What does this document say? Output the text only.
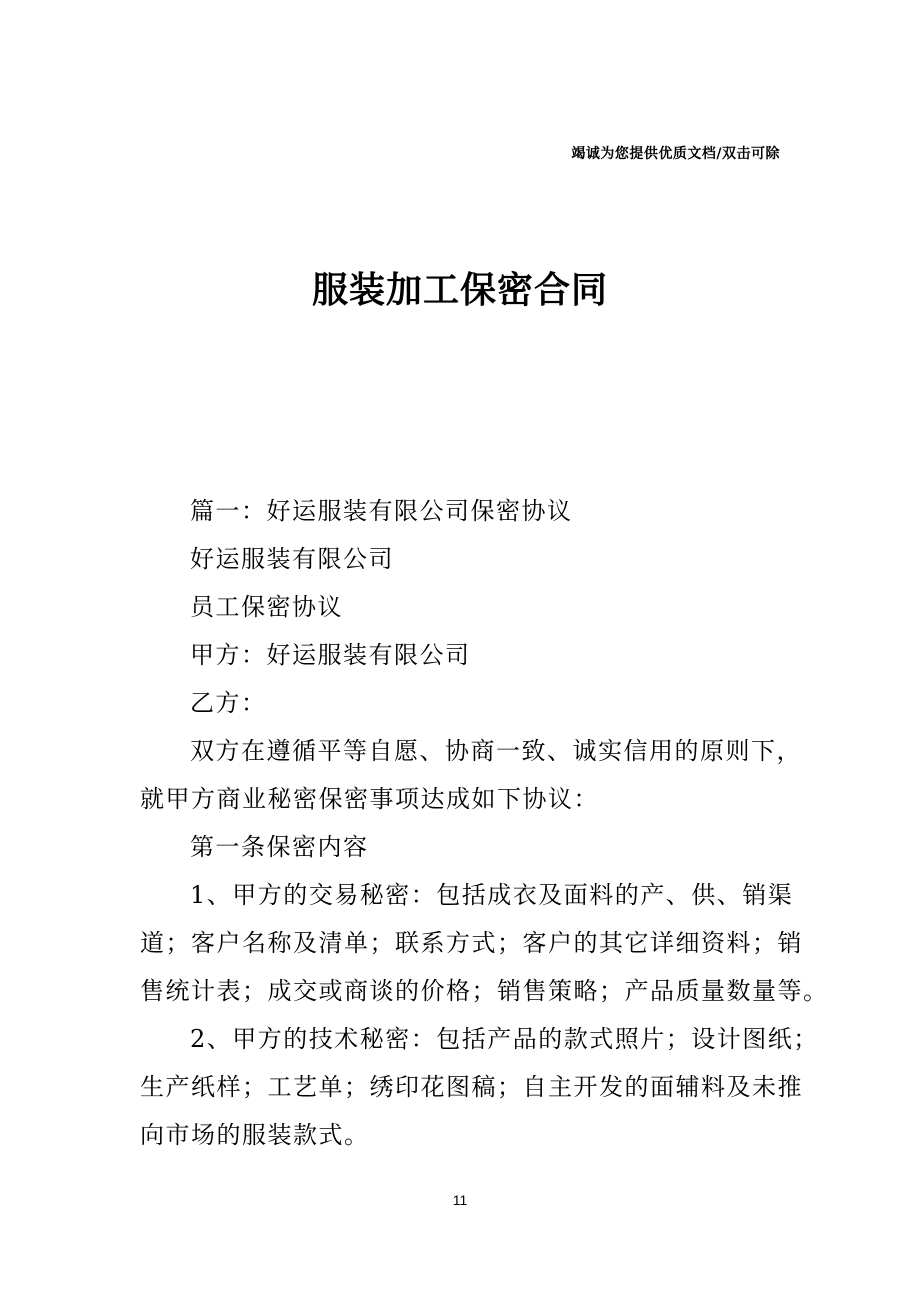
竭诚为您提供优质文档/双击可除
服装加工保密合同
篇一：好运服装有限公司保密协议
好运服装有限公司
员工保密协议
甲方：好运服装有限公司
乙方：
双方在遵循平等自愿、协商一致、诚实信用的原则下，
就甲方商业秘密保密事项达成如下协议：
第一条保密内容
1、甲方的交易秘密：包括成衣及面料的产、供、销渠
道；客户名称及清单；联系方式；客户的其它详细资料；销
售统计表；成交或商谈的价格；销售策略；产品质量数量等。
2、甲方的技术秘密：包括产品的款式照片；设计图纸；
生产纸样；工艺单；绣印花图稿；自主开发的面辅料及未推
向市场的服装款式。
11
